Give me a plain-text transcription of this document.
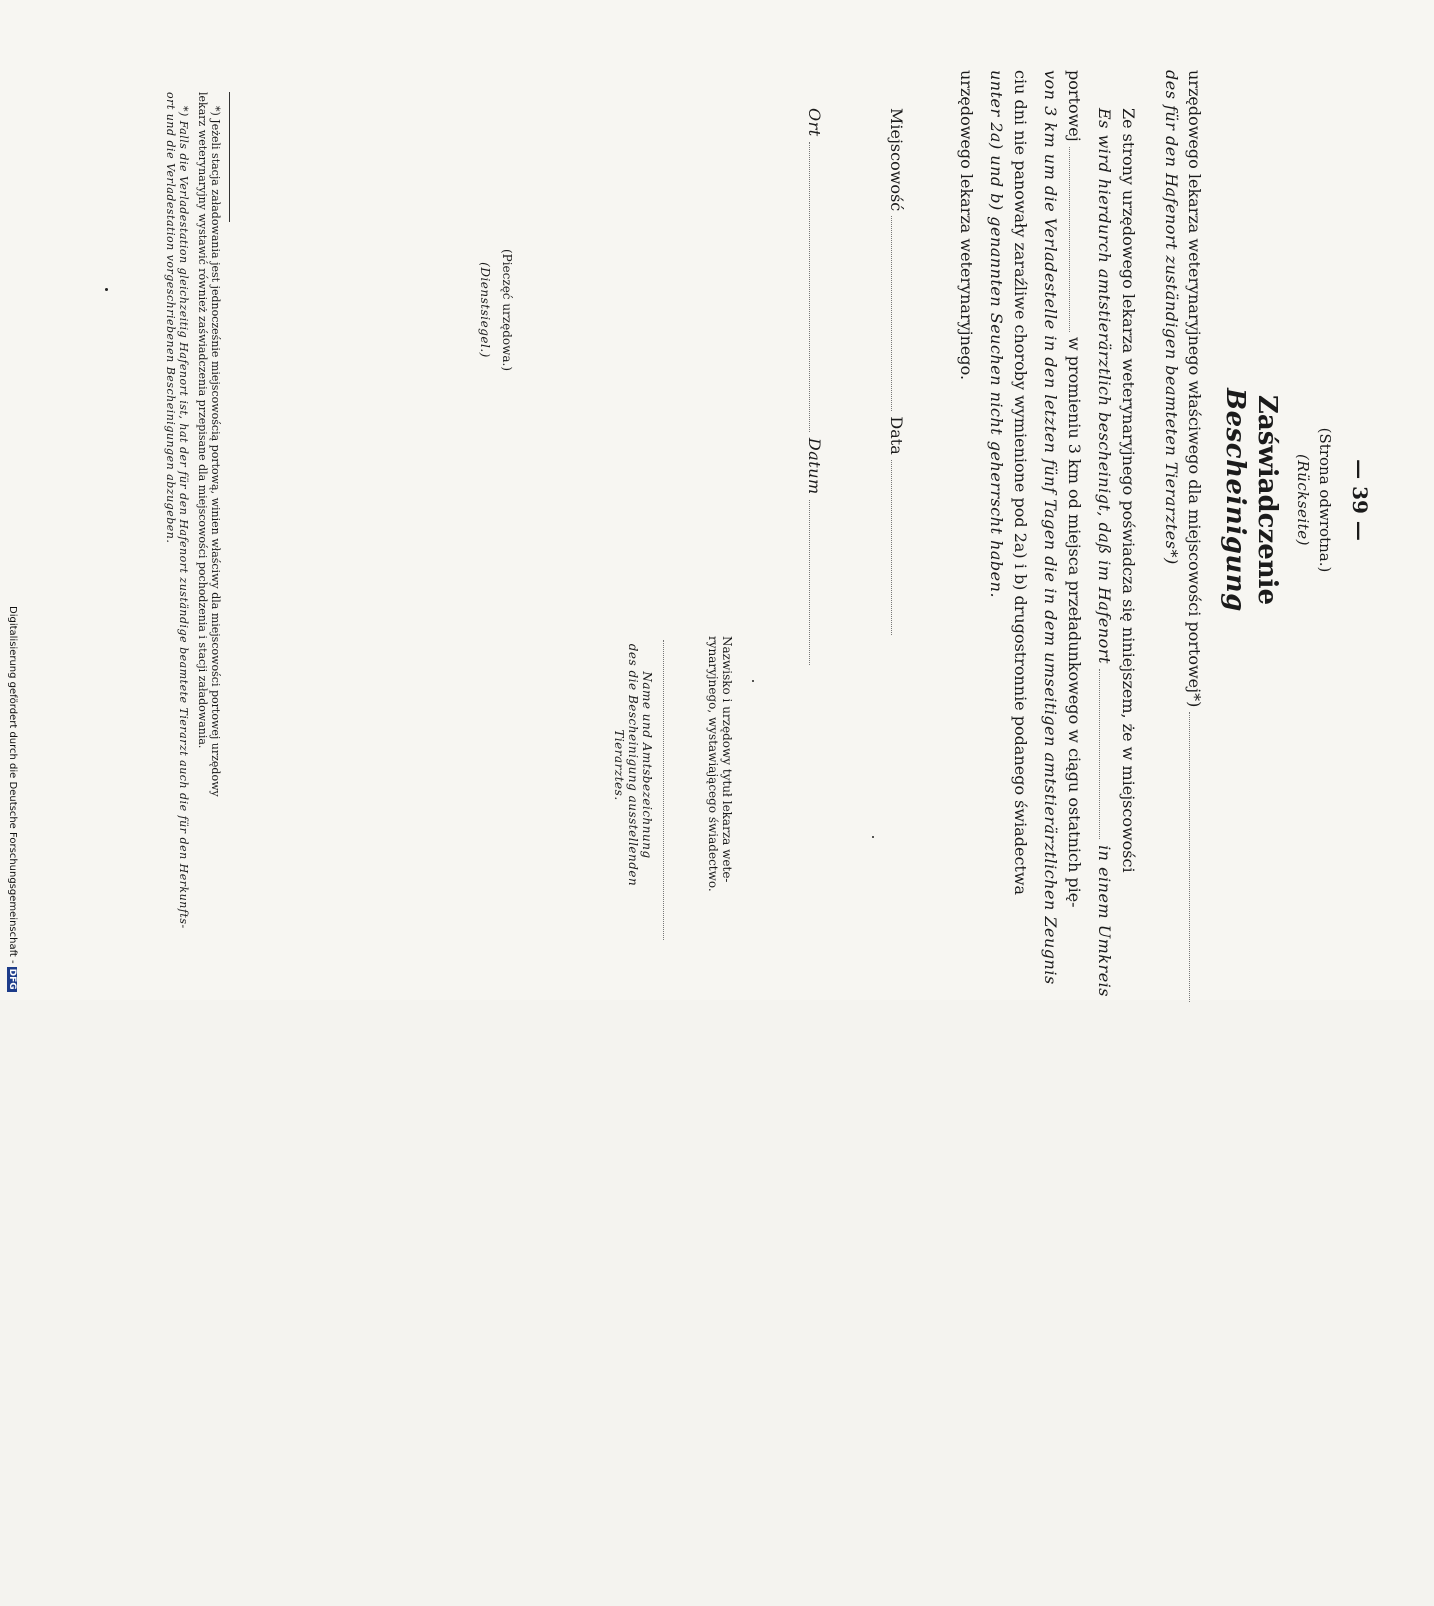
— 39 —
(Strona odwrotna.)
(Rückseite)
Zaświadczenie
Bescheinigung
urzędowego lekarza weterynaryjnego właściwego dla miejscowości portowej*)
des für den Hafenort zuständigen beamteten Tierarztes*)
Ze strony urzędowego lekarza weterynaryjnego poświadcza się niniejszem, że w miejscowości
Es wird hierdurch amtstierärztlich bescheinigt, daß im Hafenort  in einem Umkreis
portowej  w promieniu 3 km od miejsca przeładunkowego w ciągu ostatnich pię-
von 3 km um die Verladestelle in den letzten fünf Tagen die in dem umseitigen amtstierärztlichen Zeugnis
ciu dni nie panowały zaraźliwe choroby wymienione pod 2a) i b) drugostronnie podanego świadectwa
unter 2a) und b) genannten Seuchen nicht geherrscht haben.
urzędowego lekarza weterynaryjnego.
Miejscowość  Data
Ort  Datum
Nazwisko i urzędowy tytuł lekarza wete-
rynaryjnego, wystawiającego świadectwo.
Name und Amtsbezeichnung
des die Bescheinigung ausstellenden Tierarztes.
(Pieczęć urzędowa.)
(Dienstsiegel.)
*) Jeżeli stacja załadowania jest jednocześnie miejscowością portową, winien właściwy dla miejscowości portowej urzędowy
lekarz weterynaryjny wystawić również zaświadczenia przepisane dla miejscowości pochodzenia i stacji załadowania.
*) Falls die Verladestation gleichzeitig Hafenort ist, hat der für den Hafenort zuständige beamtete Tierarzt auch die für den Herkunfts-
ort und die Verladestation vorgeschriebenen Bescheinigungen abzugeben.
Digitalisierung gefördert durch die Deutsche Forschungsgemeinschaft -DFG
